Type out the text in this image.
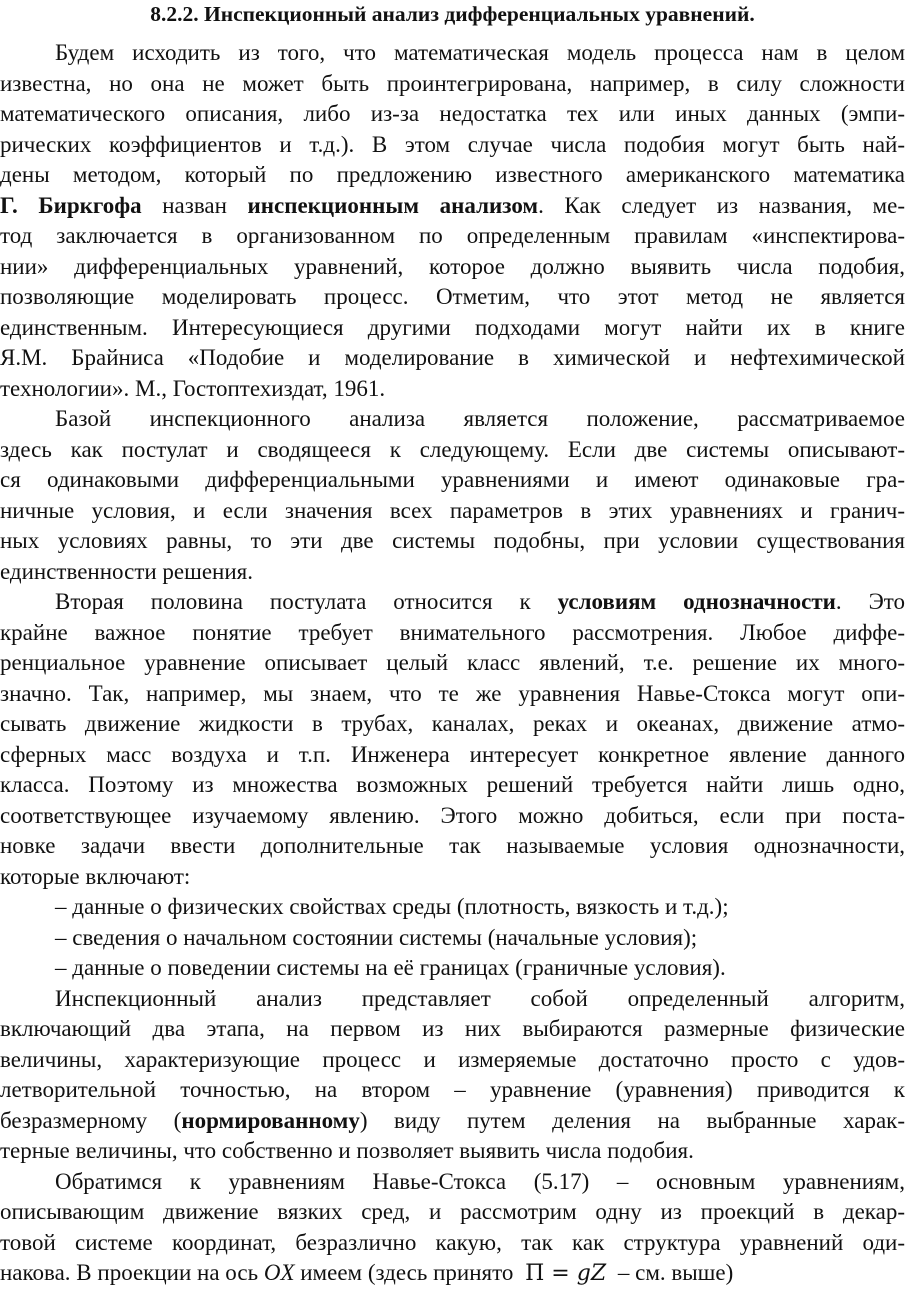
8.2.2. Инспекционный анализ дифференциальных уравнений.
Будем исходить из того, что математическая модель процесса нам в целом
известна, но она не может быть проинтегрирована, например, в силу сложности
математического описания, либо из-за недостатка тех или иных данных (эмпи-
рических коэффициентов и т.д.). В этом случае числа подобия могут быть най-
дены методом, который по предложению известного американского математика
Г. Биркгофа назван инспекционным анализом. Как следует из названия, ме-
тод заключается в организованном по определенным правилам «инспектирова-
нии» дифференциальных уравнений, которое должно выявить числа подобия,
позволяющие моделировать процесс. Отметим, что этот метод не является
единственным. Интересующиеся другими подходами могут найти их в книге
Я.М. Брайниса «Подобие и моделирование в химической и нефтехимической
технологии». М., Гостоптехиздат, 1961.
Базой инспекционного анализа является положение, рассматриваемое
здесь как постулат и сводящееся к следующему. Если две системы описывают-
ся одинаковыми дифференциальными уравнениями и имеют одинаковые гра-
ничные условия, и если значения всех параметров в этих уравнениях и гранич-
ных условиях равны, то эти две системы подобны, при условии существования
единственности решения.
Вторая половина постулата относится к условиям однозначности. Это
крайне важное понятие требует внимательного рассмотрения. Любое диффе-
ренциальное уравнение описывает целый класс явлений, т.е. решение их много-
значно. Так, например, мы знаем, что те же уравнения Навье-Стокса могут опи-
сывать движение жидкости в трубах, каналах, реках и океанах, движение атмо-
сферных масс воздуха и т.п. Инженера интересует конкретное явление данного
класса. Поэтому из множества возможных решений требуется найти лишь одно,
соответствующее изучаемому явлению. Этого можно добиться, если при поста-
новке задачи ввести дополнительные так называемые условия однозначности,
которые включают:
– данные о физических свойствах среды (плотность, вязкость и т.д.);
– сведения о начальном состоянии системы (начальные условия);
– данные о поведении системы на её границах (граничные условия).
Инспекционный анализ представляет собой определенный алгоритм,
включающий два этапа, на первом из них выбираются размерные физические
величины, характеризующие процесс и измеряемые достаточно просто с удов-
летворительной точностью, на втором – уравнение (уравнения) приводится к
безразмерному (нормированному) виду путем деления на выбранные харак-
терные величины, что собственно и позволяет выявить числа подобия.
Обратимся к уравнениям Навье-Стокса (5.17) – основным уравнениям,
описывающим движение вязких сред, и рассмотрим одну из проекций в декар-
товой системе координат, безразлично какую, так как структура уравнений оди-
накова. В проекции на ось OX имеем (здесь принято Π = gZ – см. выше)
